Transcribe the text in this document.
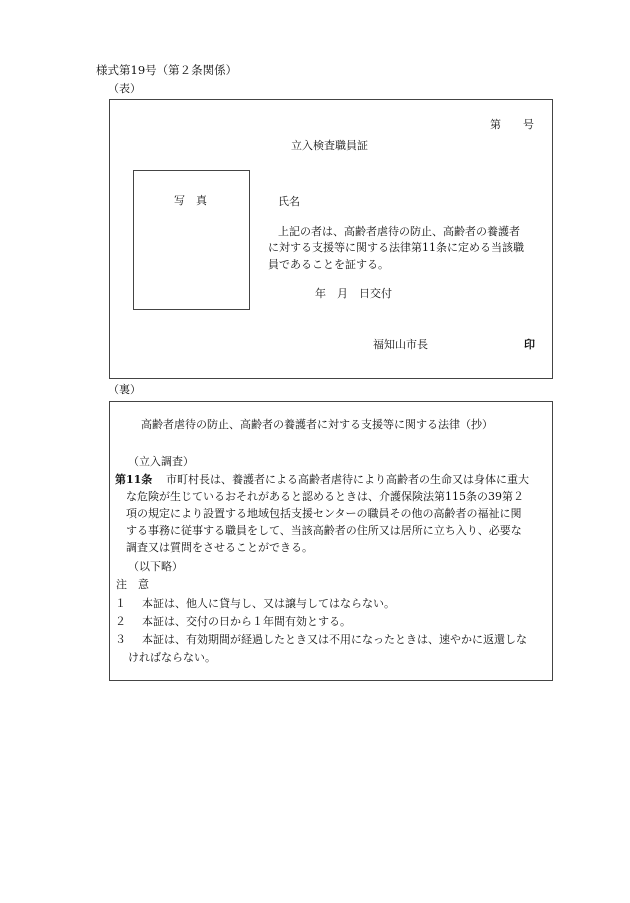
様式第19号（第２条関係）
（表）
第　　号
立入検査職員証
写　真	氏名
上記の者は、高齢者虐待の防止、高齢者の養護者
に対する支援等に関する法律第11条に定める当該職
員であることを証する。
年　月　日交付
福知山市長	印
（裏）
高齢者虐待の防止、高齢者の養護者に対する支援等に関する法律（抄）
（立入調査）
第11条 市町村長は、養護者による高齢者虐待により高齢者の生命又は身体に重大
な危険が生じているおそれがあると認めるときは、介護保険法第115条の39第２
項の規定により設置する地域包括支援センターの職員その他の高齢者の福祉に関
する事務に従事する職員をして、当該高齢者の住所又は居所に立ち入り、必要な
調査又は質問をさせることができる。
（以下略）
注　意
１ 本証は、他人に貸与し、又は譲与してはならない。
２ 本証は、交付の日から１年間有効とする。
３ 本証は、有効期間が経過したとき又は不用になったときは、速やかに返還しな
ければならない。
